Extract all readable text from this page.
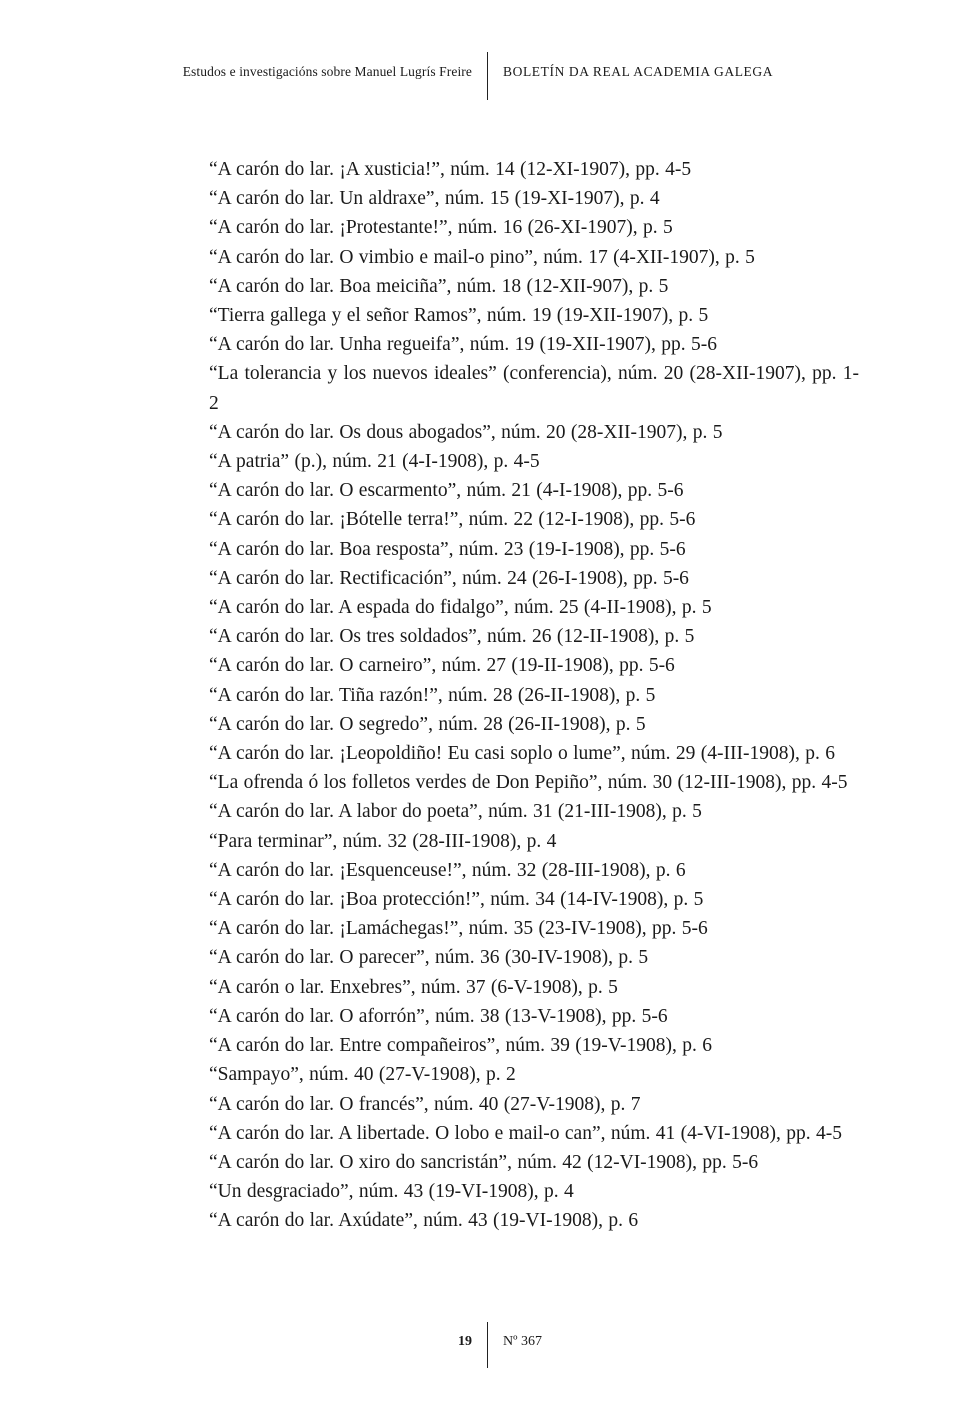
Estudos e investigacións sobre Manuel Lugrís Freire BOLETÍN DA REAL ACADEMIA GALEGA
“A carón do lar. ¡A xusticia!”, núm. 14 (12-XI-1907), pp. 4-5
“A carón do lar. Un aldraxe”, núm. 15 (19-XI-1907), p. 4
“A carón do lar. ¡Protestante!”, núm. 16 (26-XI-1907), p. 5
“A carón do lar. O vimbio e mail-o pino”, núm. 17 (4-XII-1907), p. 5
“A carón do lar. Boa meiciña”, núm. 18 (12-XII-907), p. 5
“Tierra gallega y el señor Ramos”, núm. 19 (19-XII-1907), p. 5
“A carón do lar. Unha regueifa”, núm. 19 (19-XII-1907), pp. 5-6
“La tolerancia y los nuevos ideales” (conferencia), núm. 20 (28-XII-1907), pp. 1-2
“A carón do lar. Os dous abogados”, núm. 20 (28-XII-1907), p. 5
“A patria” (p.), núm. 21 (4-I-1908), p. 4-5
“A carón do lar. O escarmento”, núm. 21 (4-I-1908), pp. 5-6
“A carón do lar. ¡Bótelle terra!”, núm. 22 (12-I-1908), pp. 5-6
“A carón do lar. Boa resposta”, núm. 23 (19-I-1908), pp. 5-6
“A carón do lar. Rectificación”, núm. 24 (26-I-1908), pp. 5-6
“A carón do lar. A espada do fidalgo”, núm. 25 (4-II-1908), p. 5
“A carón do lar. Os tres soldados”, núm. 26 (12-II-1908), p. 5
“A carón do lar. O carneiro”, núm. 27 (19-II-1908), pp. 5-6
“A carón do lar. Tiña razón!”, núm. 28 (26-II-1908), p. 5
“A carón do lar. O segredo”, núm. 28 (26-II-1908), p. 5
“A carón do lar. ¡Leopoldiño! Eu casi soplo o lume”, núm. 29 (4-III-1908), p. 6
“La ofrenda ó los folletos verdes de Don Pepiño”, núm. 30 (12-III-1908), pp. 4-5
“A carón do lar. A labor do poeta”, núm. 31 (21-III-1908), p. 5
“Para terminar”, núm. 32 (28-III-1908), p. 4
“A carón do lar. ¡Esquenceuse!”, núm. 32 (28-III-1908), p. 6
“A carón do lar. ¡Boa protección!”, núm. 34 (14-IV-1908), p. 5
“A carón do lar. ¡Lamáchegas!”, núm. 35 (23-IV-1908), pp. 5-6
“A carón do lar. O parecer”, núm. 36 (30-IV-1908), p. 5
“A carón o lar. Enxebres”, núm. 37 (6-V-1908), p. 5
“A carón do lar. O aforrón”, núm. 38 (13-V-1908), pp. 5-6
“A carón do lar. Entre compañeiros”, núm. 39 (19-V-1908), p. 6
“Sampayo”, núm. 40 (27-V-1908), p. 2
“A carón do lar. O francés”, núm. 40 (27-V-1908), p. 7
“A carón do lar. A libertade. O lobo e mail-o can”, núm. 41 (4-VI-1908), pp. 4-5
“A carón do lar. O xiro do sancristán”, núm. 42 (12-VI-1908), pp. 5-6
“Un desgraciado”, núm. 43 (19-VI-1908), p. 4
“A carón do lar. Axúdate”, núm. 43 (19-VI-1908), p. 6
19 Nº 367
